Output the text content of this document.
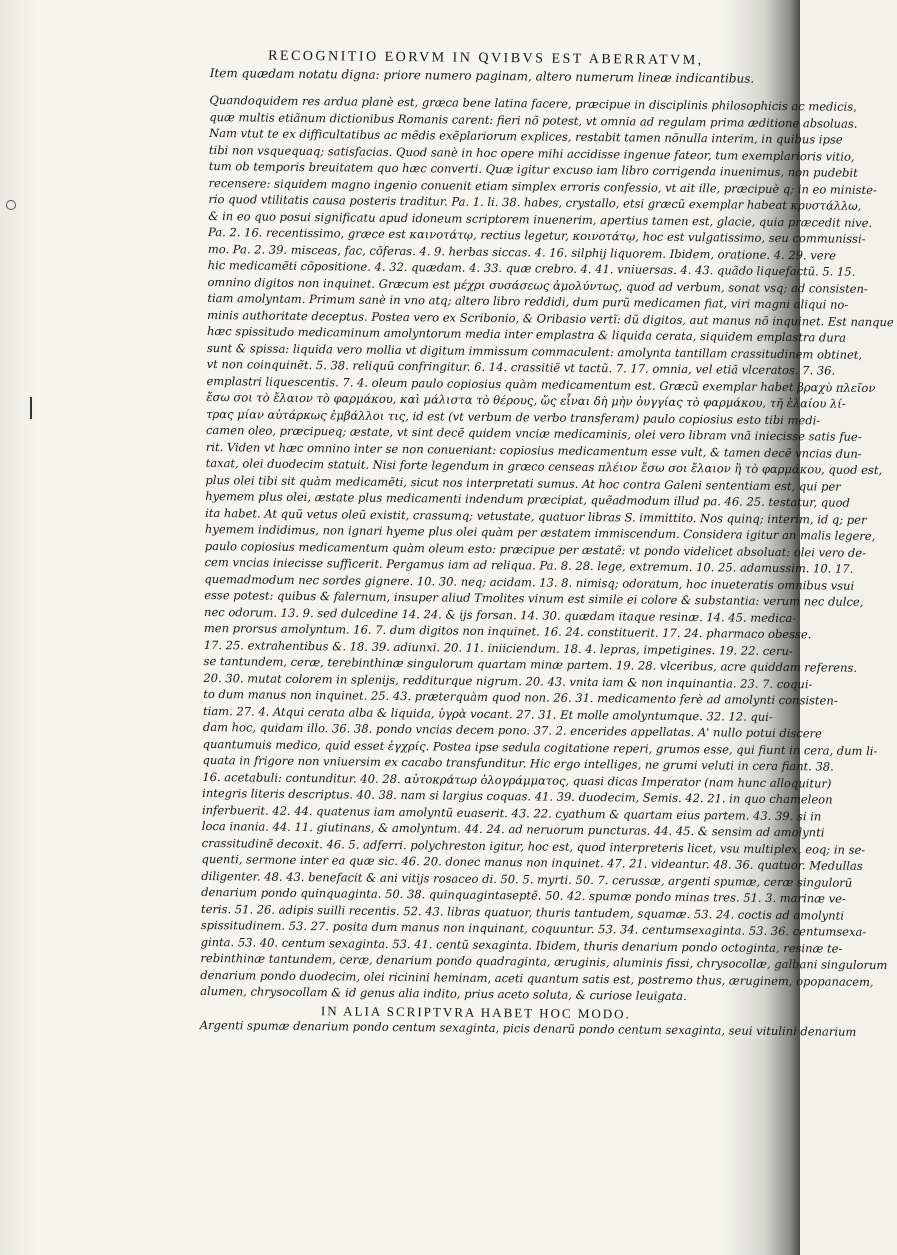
RECOGNITIO EORVM IN QVIBVS EST ABERRATVM,
Item quædam notatu digna: priore numero paginam, altero numerum lineæ indicantibus.
Quandoquidem res ardua planè est, græca bene latina facere, præcipue in disciplinis philosophicis ac medicis,
quæ multis etiãnum dictionibus Romanis carent: fieri nõ potest, vt omnia ad regulam prima æditione absoluas.
Nam vtut te ex difficultatibus ac mẽdis exẽplariorum explices, restabit tamen nõnulla interim, in quibus ipse
tibi non vsquequaq; satisfacias. Quod sanè in hoc opere mihi accidisse ingenue fateor, tum exemplarioris vitio,
tum ob temporis breuitatem quo hæc converti. Quæ igitur excuso iam libro corrigenda inuenimus, non pudebit
recensere: siquidem magno ingenio conuenit etiam simplex erroris confessio, vt ait ille, præcipuè q; in eo ministe-
rio quod vtilitatis causa posteris traditur. Pa. 1. li. 38. habes, crystallo, etsi græcũ exemplar habeat κρυστάλλω,
& in eo quo posui significatu apud idoneum scriptorem inuenerim, apertius tamen est, glacie, quia præcedit nive.
Pa. 2. 16. recentissimo, græce est καινοτάτῳ, rectius legetur, κοινοτάτῳ, hoc est vulgatissimo, seu communissi-
mo. Pa. 2. 39. misceas, fac, cõferas. 4. 9. herbas siccas. 4. 16. silphij liquorem. Ibidem, oratione. 4. 29. vere
hic medicamẽti cõpositione. 4. 32. quædam. 4. 33. quæ crebro. 4. 41. vniuersas. 4. 43. quãdo liquefactũ. 5. 15.
omnino digitos non inquinet. Græcum est μέχρι συσάσεως ἀμολύντως, quod ad verbum, sonat vsq; ad consisten-
tiam amolyntam. Primum sanè in vno atq; altero libro reddidi, dum purũ medicamen fiat, viri magni aliqui no-
minis authoritate deceptus. Postea vero ex Scribonio, & Oribasio vertĩ: dũ digitos, aut manus nõ inquinet. Est nanque
hæc spissitudo medicaminum amolyntorum media inter emplastra & liquida cerata, siquidem emplastra dura
sunt & spissa: liquida vero mollia vt digitum immissum commaculent: amolynta tantillam crassitudinem obtinet,
vt non coinquinẽt. 5. 38. reliquũ confringitur. 6. 14. crassitiẽ vt tactũ. 7. 17. omnia, vel etiã vlceratos. 7. 36.
emplastri liquescentis. 7. 4. oleum paulo copiosius quàm medicamentum est. Græcũ exemplar habet βραχὺ πλεῖον
ἔσω σοι τὸ ἔλαιον τὸ φαρμάκου, καὶ μάλιστα τὸ θέρους, ὥς εἶναι δὴ μὴν ὀυγγίας τὸ φαρμάκου, τῆ ἐλαίου λί-
τρας μίαν αὐτάρκως ἐμβάλλοι τις, id est (vt verbum de verbo transferam) paulo copiosius esto tibi medi-
camen oleo, præcipueq; æstate, vt sint decẽ quidem vnciæ medicaminis, olei vero libram vnã iniecisse satis fue-
rit. Viden vt hæc omnino inter se non conueniant: copiosius medicamentum esse vult, & tamen decẽ vncias dun-
taxat, olei duodecim statuit. Nisi forte legendum in græco censeas πλέιον ἔσω σοι ἔλαιον ἢ τὸ φαρμάκου, quod est,
plus olei tibi sit quàm medicamẽti, sicut nos interpretati sumus. At hoc contra Galeni sententiam est, qui per
hyemem plus olei, æstate plus medicamenti indendum præcipiat, quẽadmodum illud pa. 46. 25. testatur, quod
ita habet. At quũ vetus oleũ existit, crassumq; vetustate, quatuor libras S. immittito. Nos quinq; interim, id q; per
hyemem indidimus, non ignari hyeme plus olei quàm per æstatem immiscendum. Considera igitur an malis legere,
paulo copiosius medicamentum quàm oleum esto: præcipue per æstatẽ: vt pondo videlicet absoluat: olei vero de-
cem vncias iniecisse sufficerit. Pergamus iam ad reliqua. Pa. 8. 28. lege, extremum. 10. 25. adamussim. 10. 17.
quemadmodum nec sordes gignere. 10. 30. neq; acidam. 13. 8. nimisq; odoratum, hoc inueteratis omnibus vsui
esse potest: quibus & falernum, insuper aliud Tmolites vinum est simile ei colore & substantia: verum nec dulce,
nec odorum. 13. 9. sed dulcedine 14. 24. & ijs forsan. 14. 30. quædam itaque resinæ. 14. 45. medica-
men prorsus amolyntum. 16. 7. dum digitos non inquinet. 16. 24. constituerit. 17. 24. pharmaco obesse.
17. 25. extrahentibus &. 18. 39. adiunxi. 20. 11. iniiciendum. 18. 4. lepras, impetigines. 19. 22. ceru-
se tantundem, ceræ, terebinthinæ singulorum quartam minæ partem. 19. 28. vlceribus, acre quiddam referens.
20. 30. mutat colorem in splenijs, redditurque nigrum. 20. 43. vnita iam & non inquinantia. 23. 7. coqui-
to dum manus non inquinet. 25. 43. præterquàm quod non. 26. 31. medicamento ferè ad amolynti consisten-
tiam. 27. 4. Atqui cerata alba & liquida, ὑγρὰ vocant. 27. 31. Et molle amolyntumque. 32. 12. qui-
dam hoc, quidam illo. 36. 38. pondo vncias decem pono. 37. 2. encerides appellatas. A' nullo potui discere
quantumuis medico, quid esset ἐγχρίς. Postea ipse sedula cogitatione reperi, grumos esse, qui fiunt in cera, dum li-
quata in frigore non vniuersim ex cacabo transfunditur. Hic ergo intelliges, ne grumi veluti in cera fiant. 38.
16. acetabuli: contunditur. 40. 28. αὐτοκράτωρ ὁλογράμματος, quasi dicas Imperator (nam hunc alloquitur)
integris literis descriptus. 40. 38. nam si largius coquas. 41. 39. duodecim, Semis. 42. 21. in quo chameleon
inferbuerit. 42. 44. quatenus iam amolyntũ euaserit. 43. 22. cyathum & quartam eius partem. 43. 39. si in
loca inania. 44. 11. giutinans, & amolyntum. 44. 24. ad neruorum puncturas. 44. 45. & sensim ad amolynti
crassitudinẽ decoxit. 46. 5. adferri. polychreston igitur, hoc est, quod interpreteris licet, vsu multiplex, eoq; in se-
quenti, sermone inter ea quæ sic. 46. 20. donec manus non inquinet. 47. 21. videantur. 48. 36. quatuor. Medullas
diligenter. 48. 43. benefacit & ani vitijs rosaceo di. 50. 5. myrti. 50. 7. cerussæ, argenti spumæ, ceræ singulorũ
denarium pondo quinquaginta. 50. 38. quinquagintaseptẽ. 50. 42. spumæ pondo minas tres. 51. 3. marinæ ve-
teris. 51. 26. adipis suilli recentis. 52. 43. libras quatuor, thuris tantudem, squamæ. 53. 24. coctis ad amolynti
spissitudinem. 53. 27. posita dum manus non inquinant, coquuntur. 53. 34. centumsexaginta. 53. 36. centumsexa-
ginta. 53. 40. centum sexaginta. 53. 41. centũ sexaginta. Ibidem, thuris denarium pondo octoginta, resinæ te-
rebinthinæ tantundem, ceræ, denarium pondo quadraginta, æruginis, aluminis fissi, chrysocollæ, galbani singulorum
denarium pondo duodecim, olei ricinini heminam, aceti quantum satis est, postremo thus, æruginem, opopanacem,
alumen, chrysocollam & id genus alia indito, prius aceto soluta, & curiose leuigata.
IN ALIA SCRIPTVRA HABET HOC MODO.
Argenti spumæ denarium pondo centum sexaginta, picis denarũ pondo centum sexaginta, seui vitulini denarium
